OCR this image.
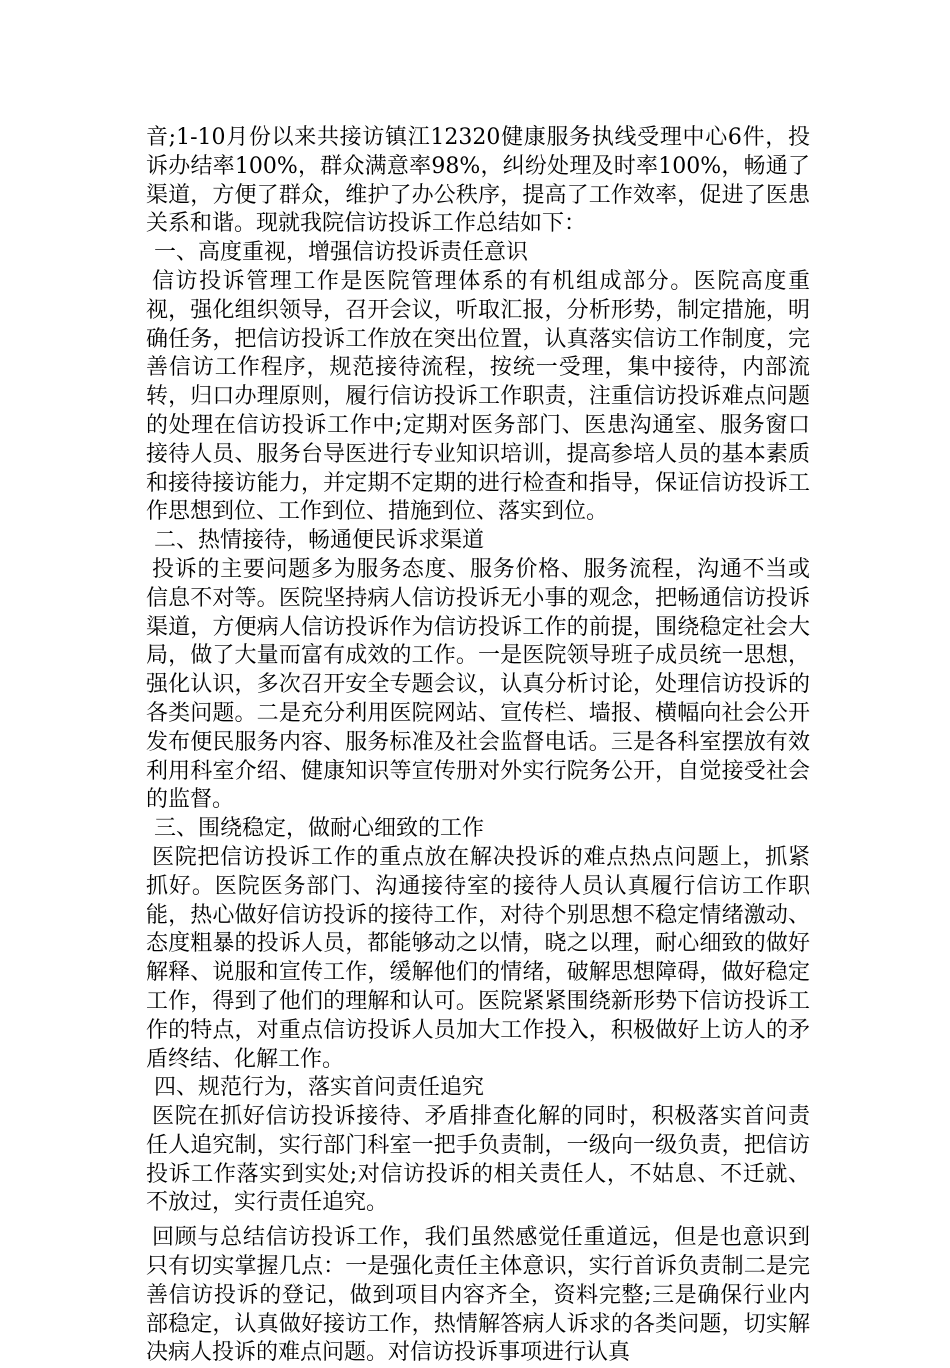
音;1-10月份以来共接访镇江12320健康服务执线受理中心6件，投诉办结率100%，群众满意率98%，纠纷处理及时率100%，畅通了渠道，方便了群众，维护了办公秩序，提高了工作效率，促进了医患关系和谐。现就我院信访投诉工作总结如下：

一、高度重视，增强信访投诉责任意识

信访投诉管理工作是医院管理体系的有机组成部分。医院高度重视，强化组织领导，召开会议，听取汇报，分析形势，制定措施，明确任务，把信访投诉工作放在突出位置，认真落实信访工作制度，完善信访工作程序，规范接待流程，按统一受理，集中接待，内部流转，归口办理原则，履行信访投诉工作职责，注重信访投诉难点问题的处理在信访投诉工作中;定期对医务部门、医患沟通室、服务窗口接待人员、服务台导医进行专业知识培训，提高参培人员的基本素质和接待接访能力，并定期不定期的进行检查和指导，保证信访投诉工作思想到位、工作到位、措施到位、落实到位。

二、热情接待，畅通便民诉求渠道

投诉的主要问题多为服务态度、服务价格、服务流程，沟通不当或信息不对等。医院坚持病人信访投诉无小事的观念，把畅通信访投诉渠道，方便病人信访投诉作为信访投诉工作的前提，围绕稳定社会大局，做了大量而富有成效的工作。一是医院领导班子成员统一思想，强化认识，多次召开安全专题会议，认真分析讨论，处理信访投诉的各类问题。二是充分利用医院网站、宣传栏、墙报、横幅向社会公开发布便民服务内容、服务标准及社会监督电话。三是各科室摆放有效利用科室介绍、健康知识等宣传册对外实行院务公开，自觉接受社会的监督。

三、围绕稳定，做耐心细致的工作

医院把信访投诉工作的重点放在解决投诉的难点热点问题上，抓紧抓好。医院医务部门、沟通接待室的接待人员认真履行信访工作职能，热心做好信访投诉的接待工作，对待个别思想不稳定情绪激动、态度粗暴的投诉人员，都能够动之以情，晓之以理，耐心细致的做好解释、说服和宣传工作，缓解他们的情绪，破解思想障碍，做好稳定工作，得到了他们的理解和认可。医院紧紧围绕新形势下信访投诉工作的特点，对重点信访投诉人员加大工作投入，积极做好上访人的矛盾终结、化解工作。

四、规范行为，落实首问责任追究

医院在抓好信访投诉接待、矛盾排查化解的同时，积极落实首问责任人追究制，实行部门科室一把手负责制，一级向一级负责，把信访投诉工作落实到实处;对信访投诉的相关责任人，不姑息、不迁就、不放过，实行责任追究。

回顾与总结信访投诉工作，我们虽然感觉任重道远，但是也意识到只有切实掌握几点：一是强化责任主体意识，实行首诉负责制二是完善信访投诉的登记，做到项目内容齐全，资料完整;三是确保行业内部稳定，认真做好接访工作，热情解答病人诉求的各类问题，切实解决病人投诉的难点问题。对信访投诉事项进行认真
